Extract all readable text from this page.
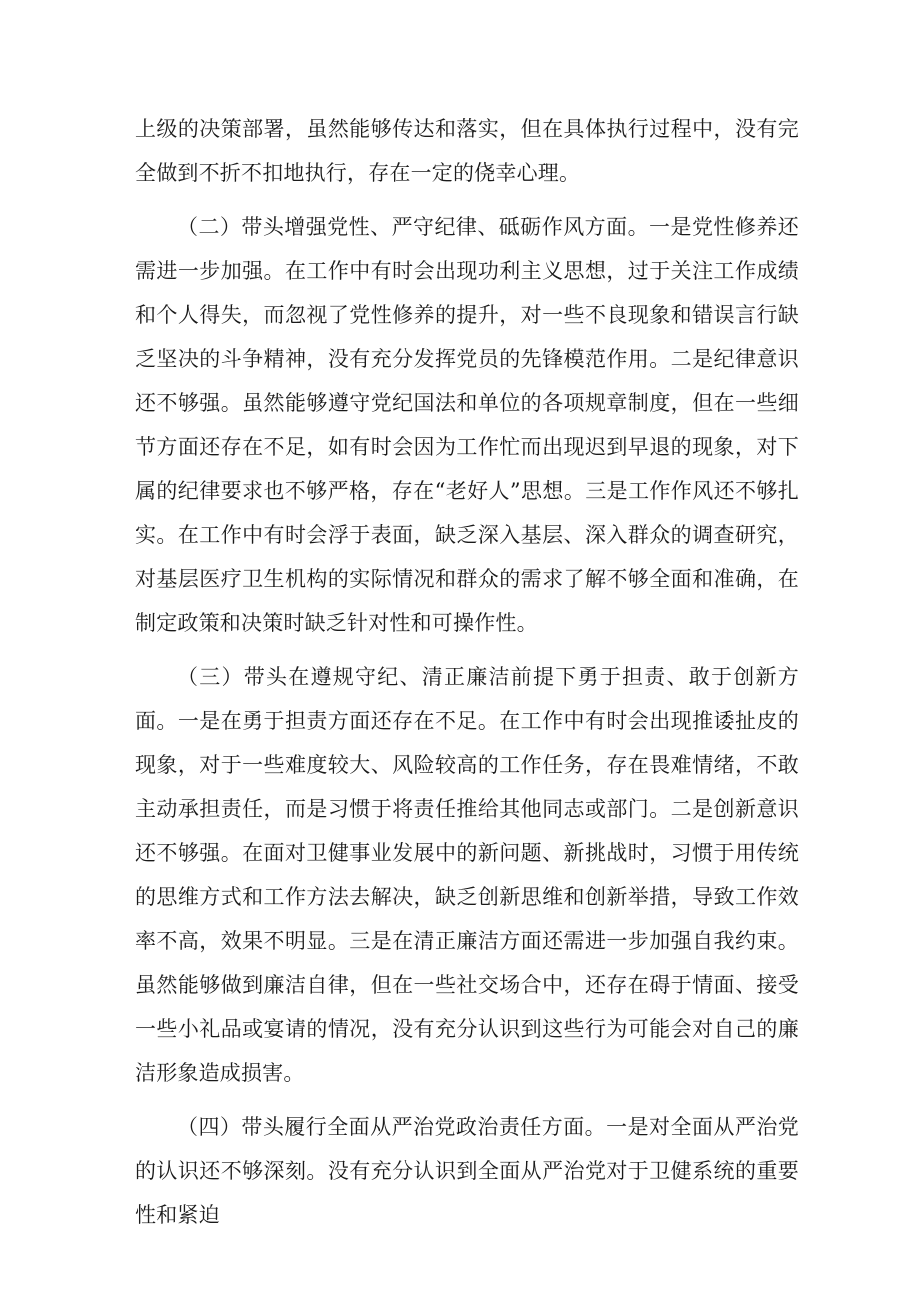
上级的决策部署，虽然能够传达和落实，但在具体执行过程中，没有完全做到不折不扣地执行，存在一定的侥幸心理。

（二）带头增强党性、严守纪律、砥砺作风方面。一是党性修养还需进一步加强。在工作中有时会出现功利主义思想，过于关注工作成绩和个人得失，而忽视了党性修养的提升，对一些不良现象和错误言行缺乏坚决的斗争精神，没有充分发挥党员的先锋模范作用。二是纪律意识还不够强。虽然能够遵守党纪国法和单位的各项规章制度，但在一些细节方面还存在不足，如有时会因为工作忙而出现迟到早退的现象，对下属的纪律要求也不够严格，存在“老好人”思想。三是工作作风还不够扎实。在工作中有时会浮于表面，缺乏深入基层、深入群众的调查研究，对基层医疗卫生机构的实际情况和群众的需求了解不够全面和准确，在制定政策和决策时缺乏针对性和可操作性。

（三）带头在遵规守纪、清正廉洁前提下勇于担责、敢于创新方面。一是在勇于担责方面还存在不足。在工作中有时会出现推诿扯皮的现象，对于一些难度较大、风险较高的工作任务，存在畏难情绪，不敢主动承担责任，而是习惯于将责任推给其他同志或部门。二是创新意识还不够强。在面对卫健事业发展中的新问题、新挑战时，习惯于用传统的思维方式和工作方法去解决，缺乏创新思维和创新举措，导致工作效率不高，效果不明显。三是在清正廉洁方面还需进一步加强自我约束。虽然能够做到廉洁自律，但在一些社交场合中，还存在碍于情面、接受一些小礼品或宴请的情况，没有充分认识到这些行为可能会对自己的廉洁形象造成损害。

（四）带头履行全面从严治党政治责任方面。一是对全面从严治党的认识还不够深刻。没有充分认识到全面从严治党对于卫健系统的重要性和紧迫
